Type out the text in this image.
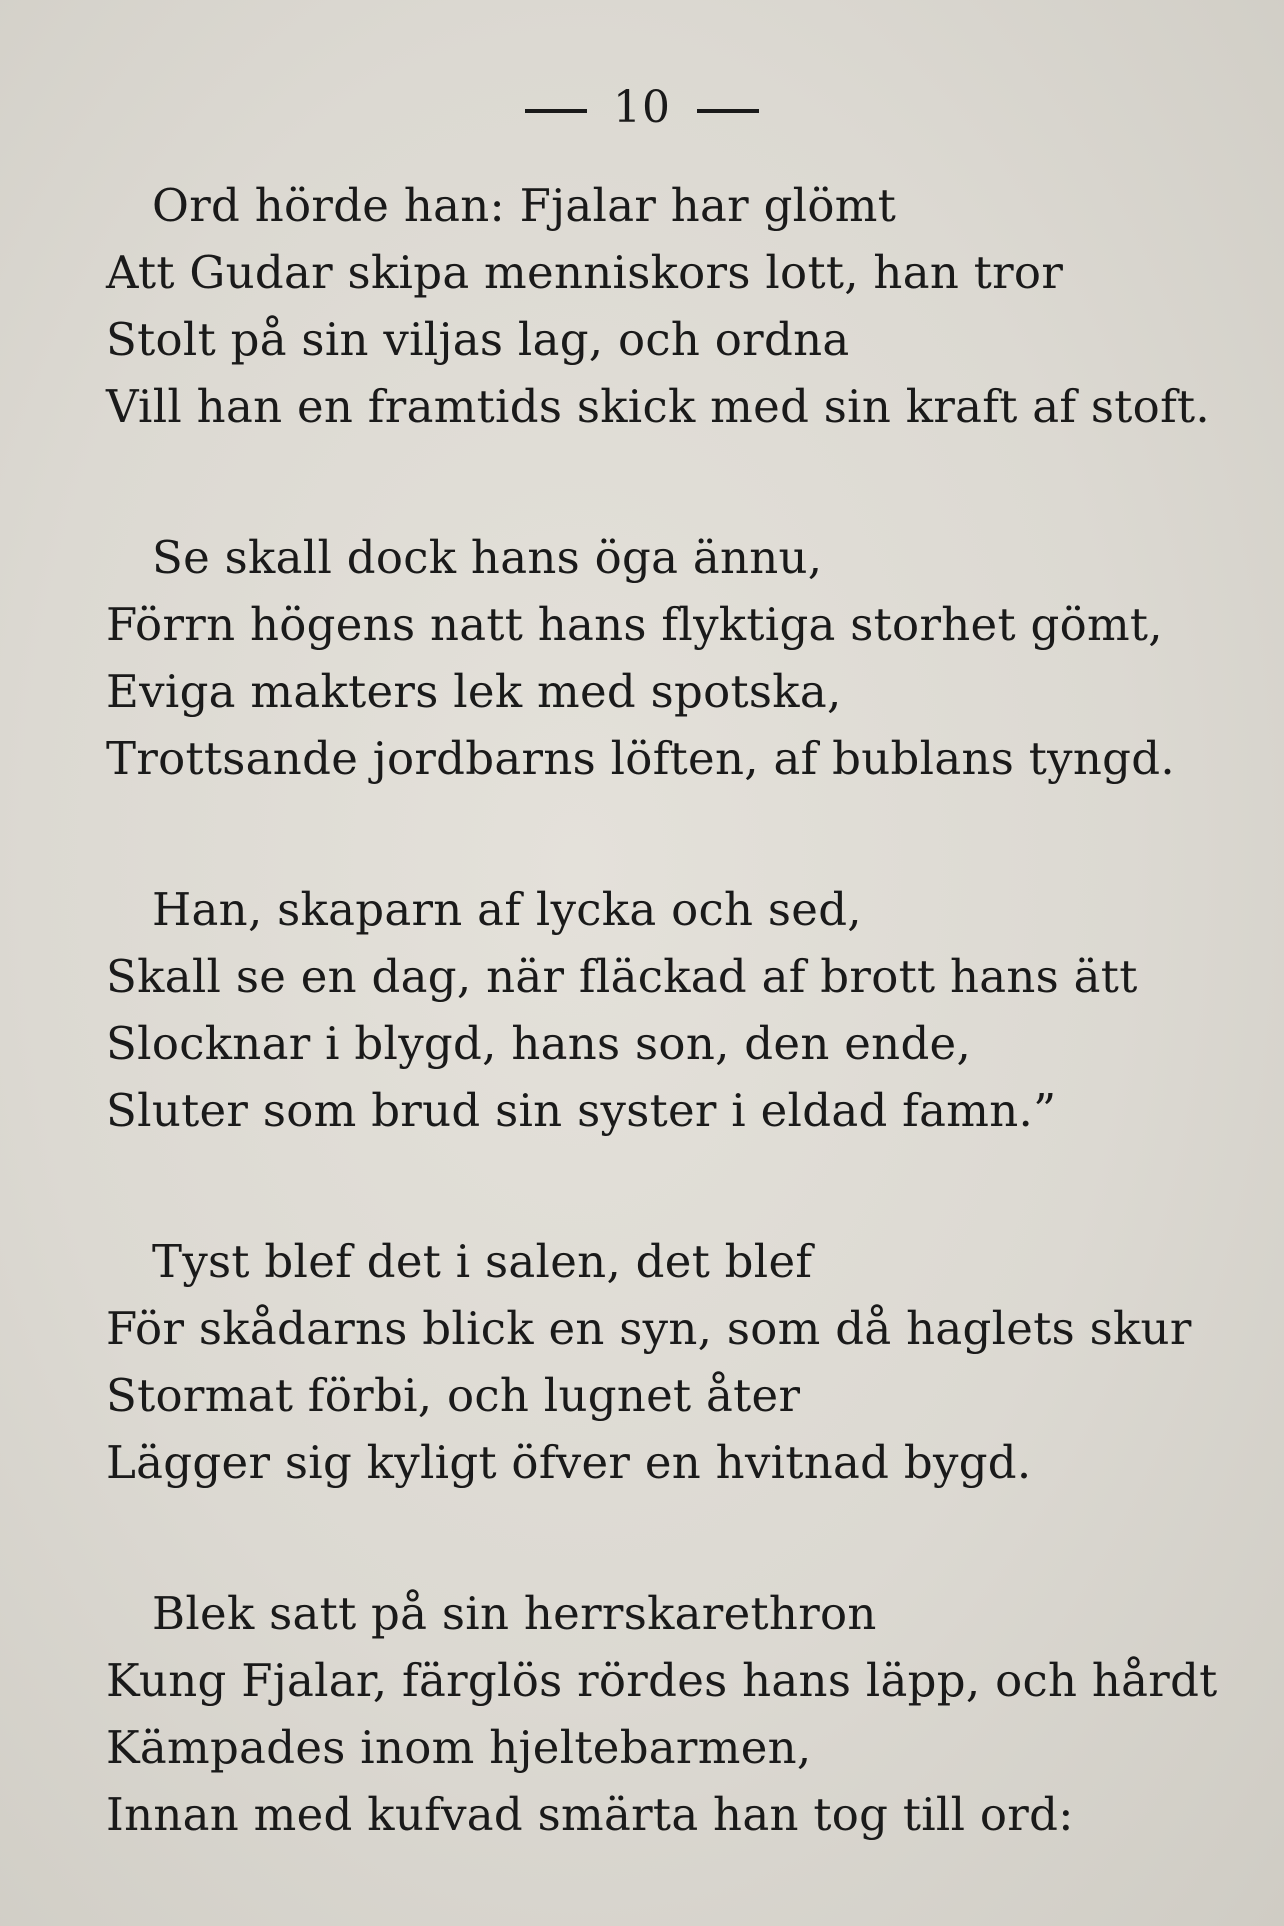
10
Ord hörde han: Fjalar har glömt
Att Gudar skipa menniskors lott, han tror
Stolt på sin viljas lag, och ordna
Vill han en framtids skick med sin kraft af stoft.
Se skall dock hans öga ännu,
Förrn högens natt hans flyktiga storhet gömt,
Eviga makters lek med spotska,
Trottsande jordbarns löften, af bublans tyngd.
Han, skaparn af lycka och sed,
Skall se en dag, när fläckad af brott hans ätt
Slocknar i blygd, hans son, den ende,
Sluter som brud sin syster i eldad famn.”
Tyst blef det i salen, det blef
För skådarns blick en syn, som då haglets skur
Stormat förbi, och lugnet åter
Lägger sig kyligt öfver en hvitnad bygd.
Blek satt på sin herrskarethron
Kung Fjalar, färglös rördes hans läpp, och hårdt
Kämpades inom hjeltebarmen,
Innan med kufvad smärta han tog till ord:
